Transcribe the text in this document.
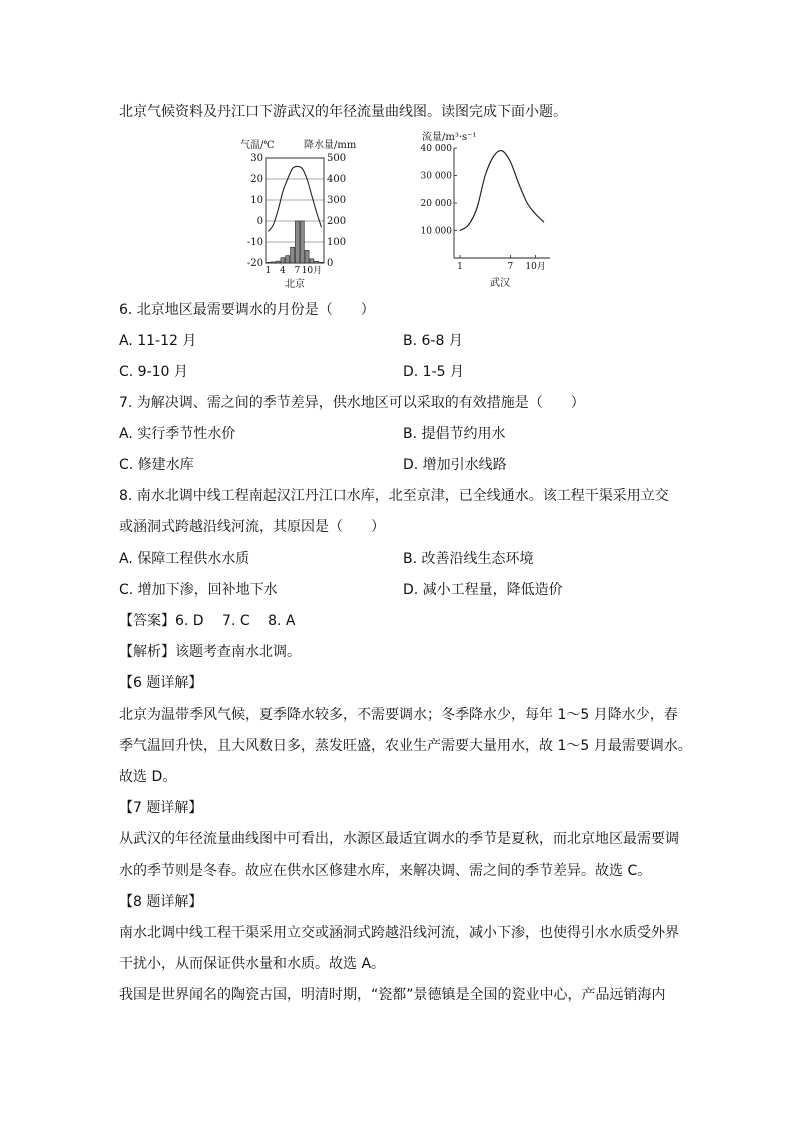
北京气候资料及丹江口下游武汉的年径流量曲线图。读图完成下面小题。
气温/℃	降水量/mm
北京
30	500
20	400
10	300
0	200
-10	100
-20	0
1 4 7 10月
流量/m³·s⁻¹
武汉
40 000
30 000
20 000
10 000
1	7 10月
6. 北京地区最需要调水的月份是（　　）
A. 11-12 月	B. 6-8 月
C. 9-10 月	D. 1-5 月
7. 为解决调、需之间的季节差异，供水地区可以采取的有效措施是（　　）
A. 实行季节性水价	B. 提倡节约用水
C. 修建水库	D. 增加引水线路
8. 南水北调中线工程南起汉江丹江口水库，北至京津，已全线通水。该工程干渠采用立交
或涵洞式跨越沿线河流，其原因是（　　）
A. 保障工程供水水质	B. 改善沿线生态环境
C. 增加下渗，回补地下水	D. 减小工程量，降低造价
【答案】6. D　 7. C　 8. A
【解析】该题考查南水北调。
【6 题详解】
北京为温带季风气候，夏季降水较多，不需要调水；冬季降水少，每年 1～5 月降水少，春
季气温回升快，且大风数日多，蒸发旺盛，农业生产需要大量用水，故 1～5 月最需要调水。
故选 D。
【7 题详解】
从武汉的年径流量曲线图中可看出，水源区最适宜调水的季节是夏秋，而北京地区最需要调
水的季节则是冬春。故应在供水区修建水库，来解决调、需之间的季节差异。故选 C。
【8 题详解】
南水北调中线工程干渠采用立交或涵洞式跨越沿线河流，减小下渗，也使得引水水质受外界
干扰小，从而保证供水量和水质。故选 A。
我国是世界闻名的陶瓷古国，明清时期，“瓷都”景德镇是全国的瓷业中心，产品远销海内
